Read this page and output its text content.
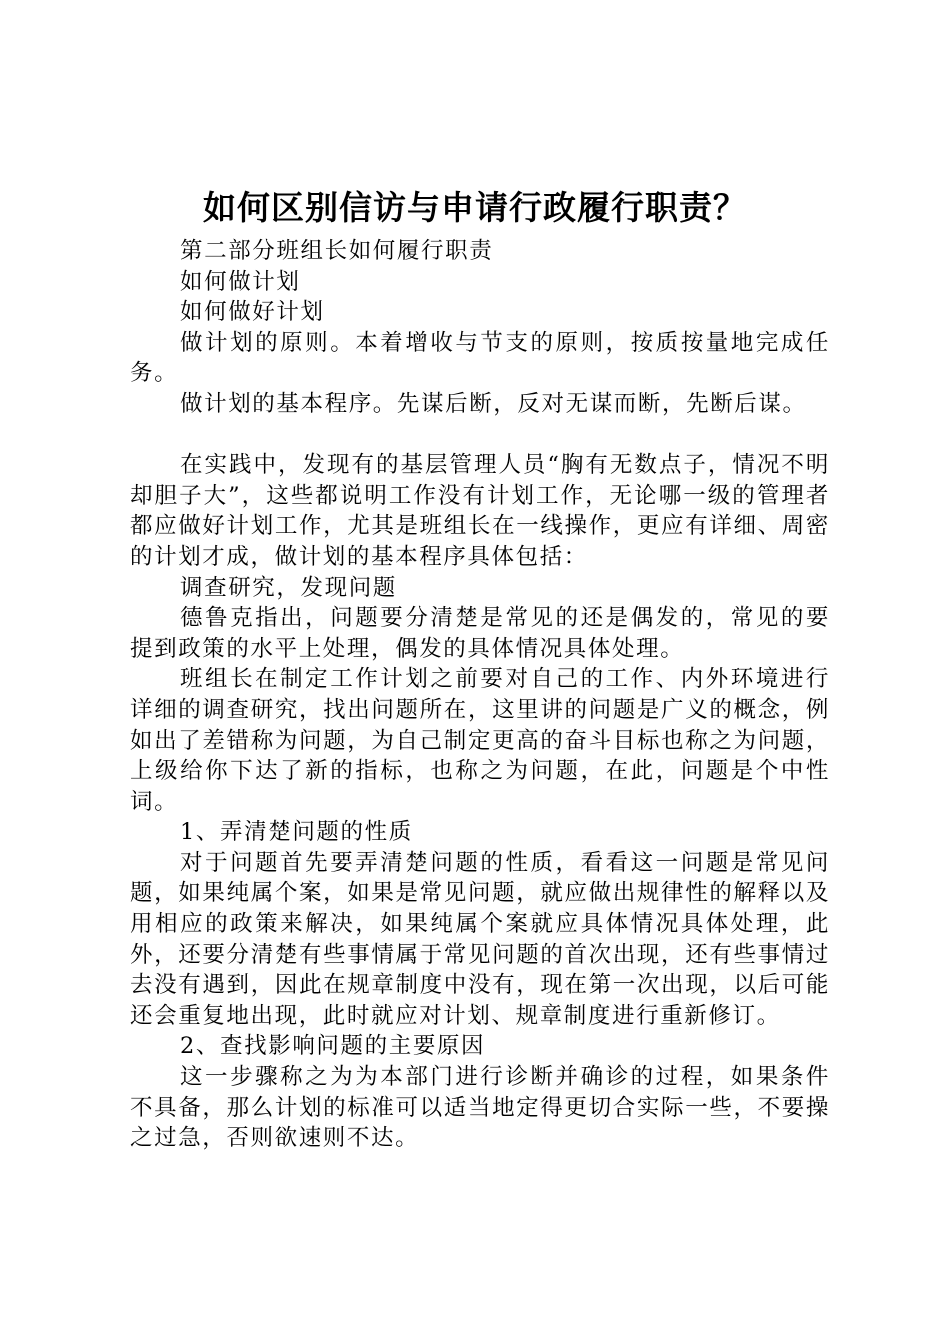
如何区别信访与申请行政履行职责？

第二部分班组长如何履行职责

如何做计划

如何做好计划

做计划的原则。本着增收与节支的原则，按质按量地完成任务。

做计划的基本程序。先谋后断，反对无谋而断，先断后谋。

在实践中，发现有的基层管理人员“胸有无数点子，情况不明却胆子大”，这些都说明工作没有计划工作，无论哪一级的管理者都应做好计划工作，尤其是班组长在一线操作，更应有详细、周密的计划才成，做计划的基本程序具体包括：

调查研究，发现问题

德鲁克指出，问题要分清楚是常见的还是偶发的，常见的要提到政策的水平上处理，偶发的具体情况具体处理。

班组长在制定工作计划之前要对自己的工作、内外环境进行详细的调查研究，找出问题所在，这里讲的问题是广义的概念，例如出了差错称为问题，为自己制定更高的奋斗目标也称之为问题，上级给你下达了新的指标，也称之为问题，在此，问题是个中性词。

1、弄清楚问题的性质

对于问题首先要弄清楚问题的性质，看看这一问题是常见问题，如果纯属个案，如果是常见问题，就应做出规律性的解释以及用相应的政策来解决，如果纯属个案就应具体情况具体处理，此外，还要分清楚有些事情属于常见问题的首次出现，还有些事情过去没有遇到，因此在规章制度中没有，现在第一次出现，以后可能还会重复地出现，此时就应对计划、规章制度进行重新修订。

2、查找影响问题的主要原因

这一步骤称之为为本部门进行诊断并确诊的过程，如果条件不具备，那么计划的标准可以适当地定得更切合实际一些，不要操之过急，否则欲速则不达。
